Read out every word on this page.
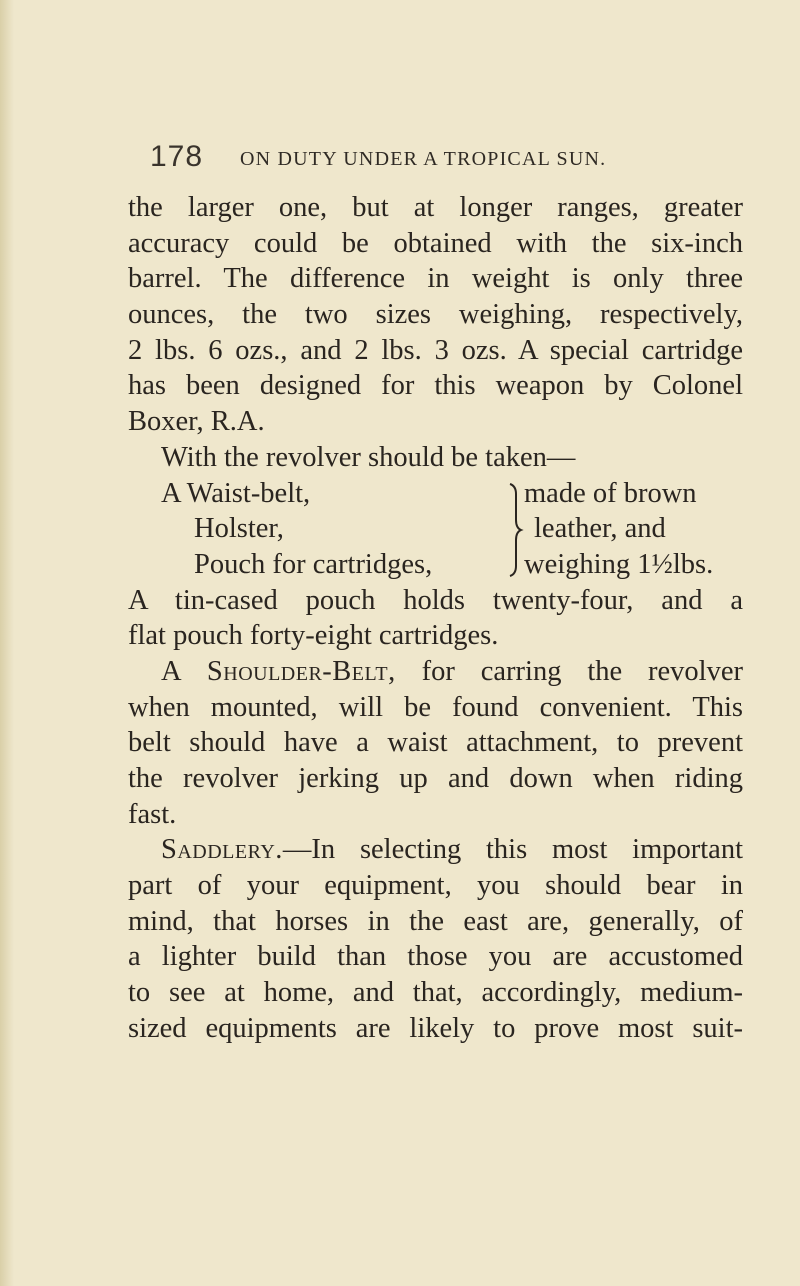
178 ON DUTY UNDER A TROPICAL SUN.
the larger one, but at longer ranges, greater
accuracy could be obtained with the six-inch
barrel. The difference in weight is only three
ounces, the two sizes weighing, respectively,
2 lbs. 6 ozs., and 2 lbs. 3 ozs. A special cartridge
has been designed for this weapon by Colonel
Boxer, R.A.
With the revolver should be taken—
A Waist-belt,
Holster,
Pouch for cartridges,
made of brown
leather, and
weighing 1½lbs.
A tin-cased pouch holds twenty-four, and a
flat pouch forty-eight cartridges.
A Shoulder-Belt, for carring the revolver
when mounted, will be found convenient. This
belt should have a waist attachment, to prevent
the revolver jerking up and down when riding
fast.
Saddlery.—In selecting this most important
part of your equipment, you should bear in
mind, that horses in the east are, generally, of
a lighter build than those you are accustomed
to see at home, and that, accordingly, medium-
sized equipments are likely to prove most suit-
